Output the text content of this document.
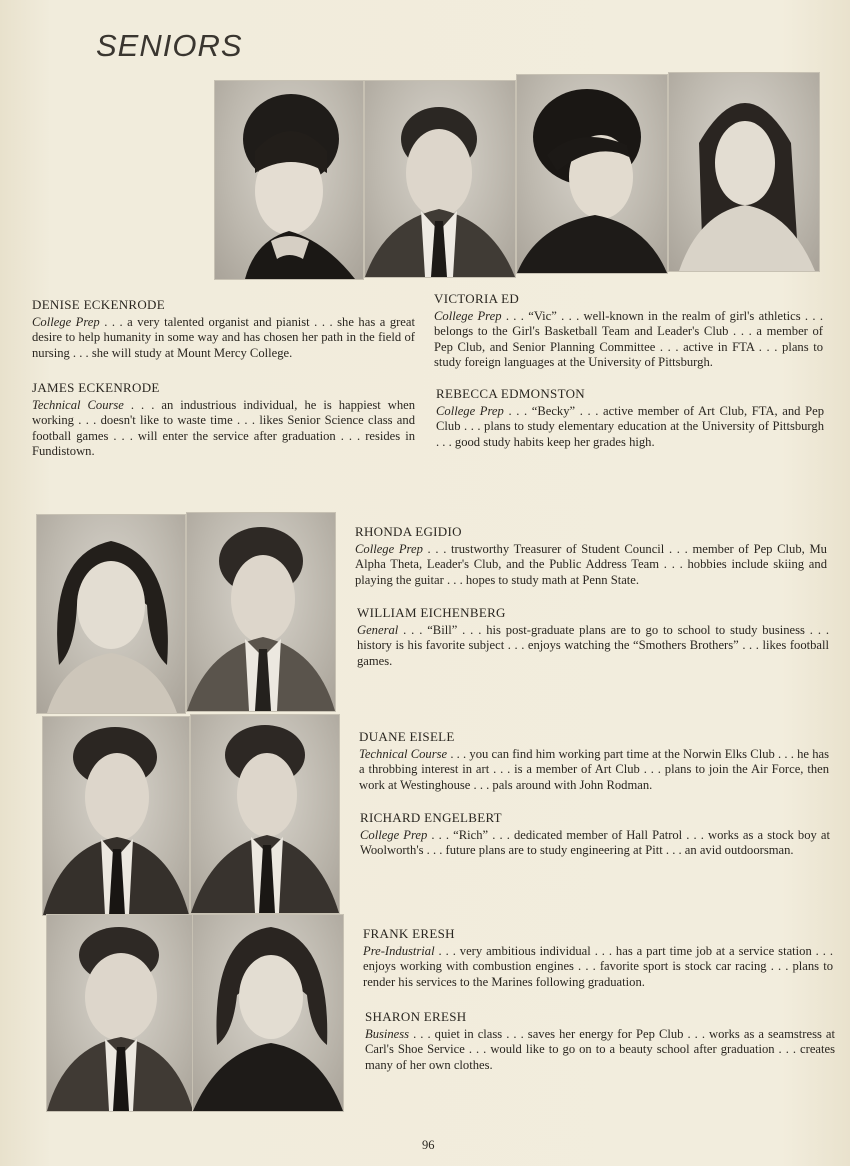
SENIORS
DENISE ECKENRODE
College Prep . . . a very talented organist and pianist . . . she has a great desire to help humanity in some way and has chosen her path in the field of nursing . . . she will study at Mount Mercy College.
JAMES ECKENRODE
Technical Course . . . an industrious individual, he is happiest when working . . . doesn't like to waste time . . . likes Senior Science class and football games . . . will enter the service after graduation . . . resides in Fundistown.
VICTORIA ED
College Prep . . . “Vic” . . . well-known in the realm of girl's athletics . . . belongs to the Girl's Basketball Team and Leader's Club . . . a member of Pep Club, and Senior Planning Committee . . . active in FTA . . . plans to study foreign languages at the University of Pittsburgh.
REBECCA EDMONSTON
College Prep . . . “Becky” . . . active member of Art Club, FTA, and Pep Club . . . plans to study elementary education at the University of Pittsburgh . . . good study habits keep her grades high.
RHONDA EGIDIO
College Prep . . . trustworthy Treasurer of Student Council . . . member of Pep Club, Mu Alpha Theta, Leader's Club, and the Public Address Team . . . hobbies include skiing and playing the guitar . . . hopes to study math at Penn State.
WILLIAM EICHENBERG
General . . . “Bill” . . . his post-graduate plans are to go to school to study business . . . history is his favorite subject . . . enjoys watching the “Smothers Brothers” . . . likes football games.
DUANE EISELE
Technical Course . . . you can find him working part time at the Norwin Elks Club . . . he has a throbbing interest in art . . . is a member of Art Club . . . plans to join the Air Force, then work at Westinghouse . . . pals around with John Rodman.
RICHARD ENGELBERT
College Prep . . . “Rich” . . . dedicated member of Hall Patrol . . . works as a stock boy at Woolworth's . . . future plans are to study engineering at Pitt . . . an avid outdoorsman.
FRANK ERESH
Pre-Industrial . . . very ambitious individual . . . has a part time job at a service station . . . enjoys working with combustion engines . . . favorite sport is stock car racing . . . plans to render his services to the Marines following graduation.
SHARON ERESH
Business . . . quiet in class . . . saves her energy for Pep Club . . . works as a seamstress at Carl's Shoe Service . . . would like to go on to a beauty school after graduation . . . creates many of her own clothes.
96
